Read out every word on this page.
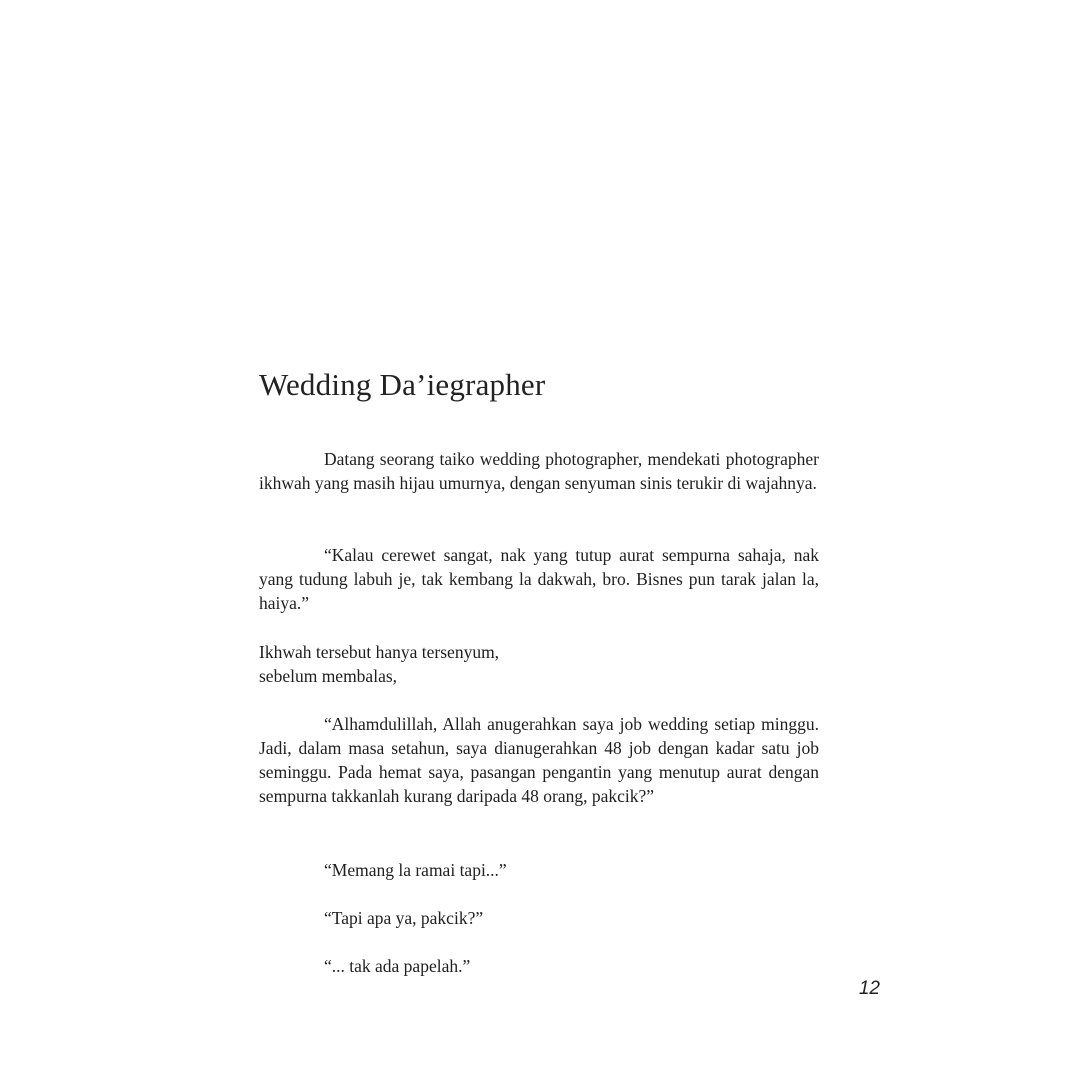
Wedding Da’iegrapher

Datang seorang taiko wedding photographer, mendekati photographer ikhwah yang masih hijau umurnya, dengan senyuman sinis terukir di wajahnya.

“Kalau cerewet sangat, nak yang tutup aurat sempurna sahaja, nak yang tudung labuh je, tak kembang la dakwah, bro. Bisnes pun tarak jalan la, haiya.”

Ikhwah tersebut hanya tersenyum,

sebelum membalas,

“Alhamdulillah, Allah anugerahkan saya job wedding setiap minggu. Jadi, dalam masa setahun, saya dianugerahkan 48 job dengan kadar satu job seminggu. Pada hemat saya, pasangan pengantin yang menutup aurat dengan sempurna takkanlah kurang daripada 48 orang, pakcik?”

“Memang la ramai tapi...”

“Tapi apa ya, pakcik?”

“... tak ada papelah.”

12
